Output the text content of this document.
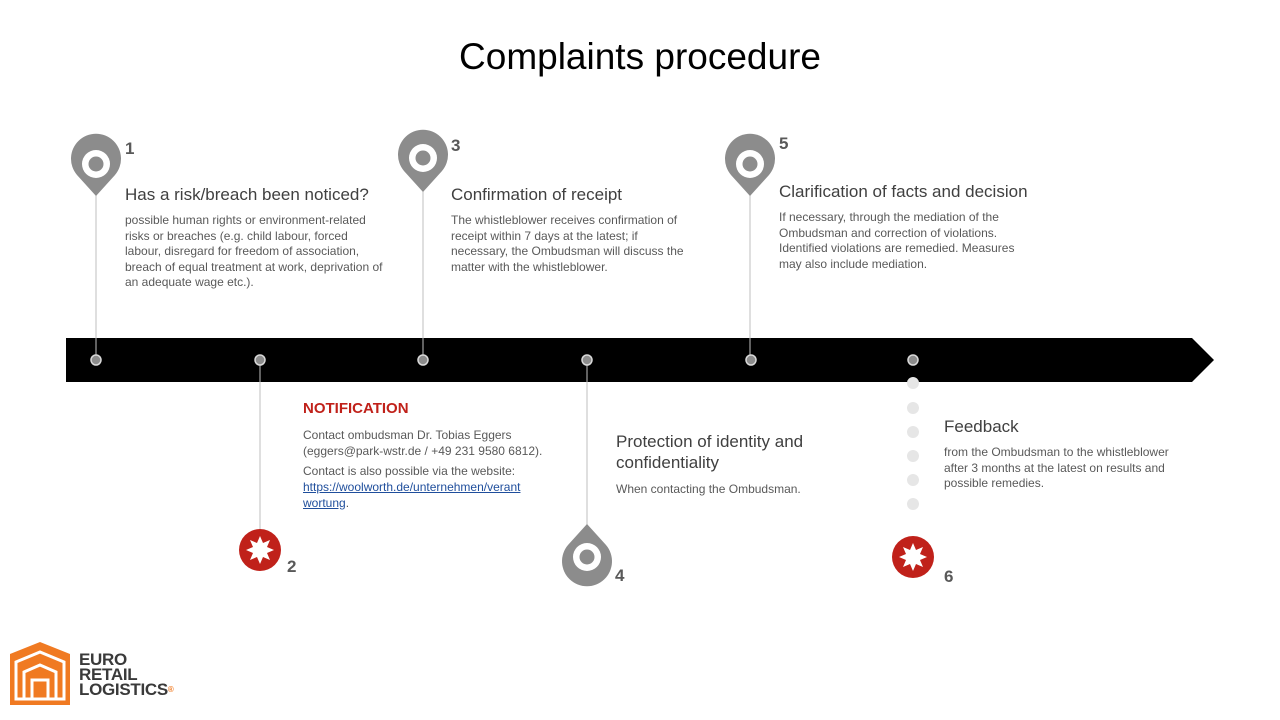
Complaints procedure
1
Has a risk/breach been noticed?
possible human rights or environment-related risks or breaches (e.g. child labour, forced labour, disregard for freedom of association, breach of equal treatment at work, deprivation of an adequate wage etc.).
2
NOTIFICATION
Contact ombudsman Dr. Tobias Eggers (eggers@park-wstr.de / +49 231 9580 6812).
Contact is also possible via the website:
https://woolworth.de/unternehmen/verant
wortung.
3
Confirmation of receipt
The whistleblower receives confirmation of receipt within 7 days at the latest; if necessary, the Ombudsman will discuss the matter with the whistleblower.
4
Protection of identity and confidentiality
When contacting the Ombudsman.
5
Clarification of facts and decision
If necessary, through the mediation of the Ombudsman and correction of violations. Identified violations are remedied. Measures may also include mediation.
6
Feedback
from the Ombudsman to the whistleblower after 3 months at the latest on results and possible remedies.
EURO
RETAIL
LOGISTICS®
